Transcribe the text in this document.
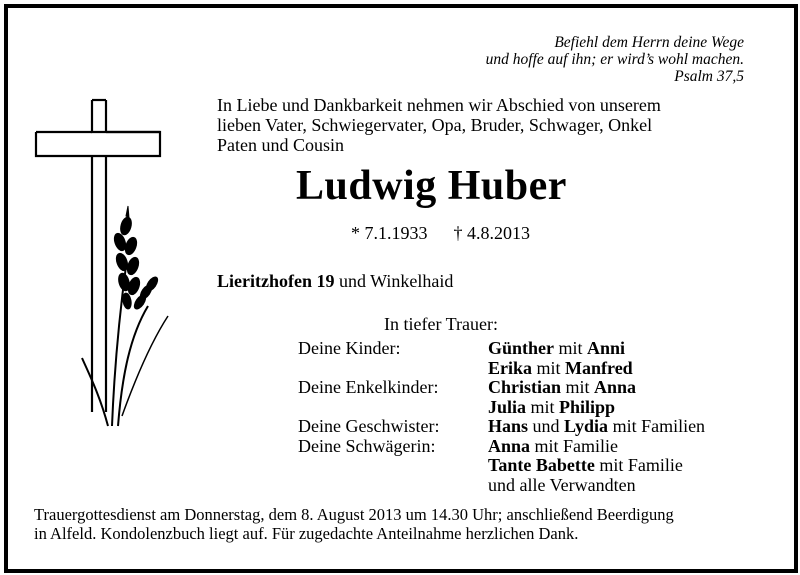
Befiehl dem Herrn deine Wege
und hoffe auf ihn; er wird’s wohl machen.
Psalm 37,5
In Liebe und Dankbarkeit nehmen wir Abschied von unserem
lieben Vater, Schwiegervater, Opa, Bruder, Schwager, Onkel
Paten und Cousin
Ludwig Huber
* 7.1.1933 † 4.8.2013
Lieritzhofen 19 und Winkelhaid
In tiefer Trauer:
Deine Kinder:	Günther mit Anni
Erika mit Manfred
Deine Enkelkinder:	Christian mit Anna
Julia mit Philipp
Deine Geschwister:	Hans und Lydia mit Familien
Deine Schwägerin:	Anna mit Familie
Tante Babette mit Familie
und alle Verwandten
Trauergottesdienst am Donnerstag, dem 8. August 2013 um 14.30 Uhr; anschließend Beerdigung
in Alfeld. Kondolenzbuch liegt auf. Für zugedachte Anteilnahme herzlichen Dank.
